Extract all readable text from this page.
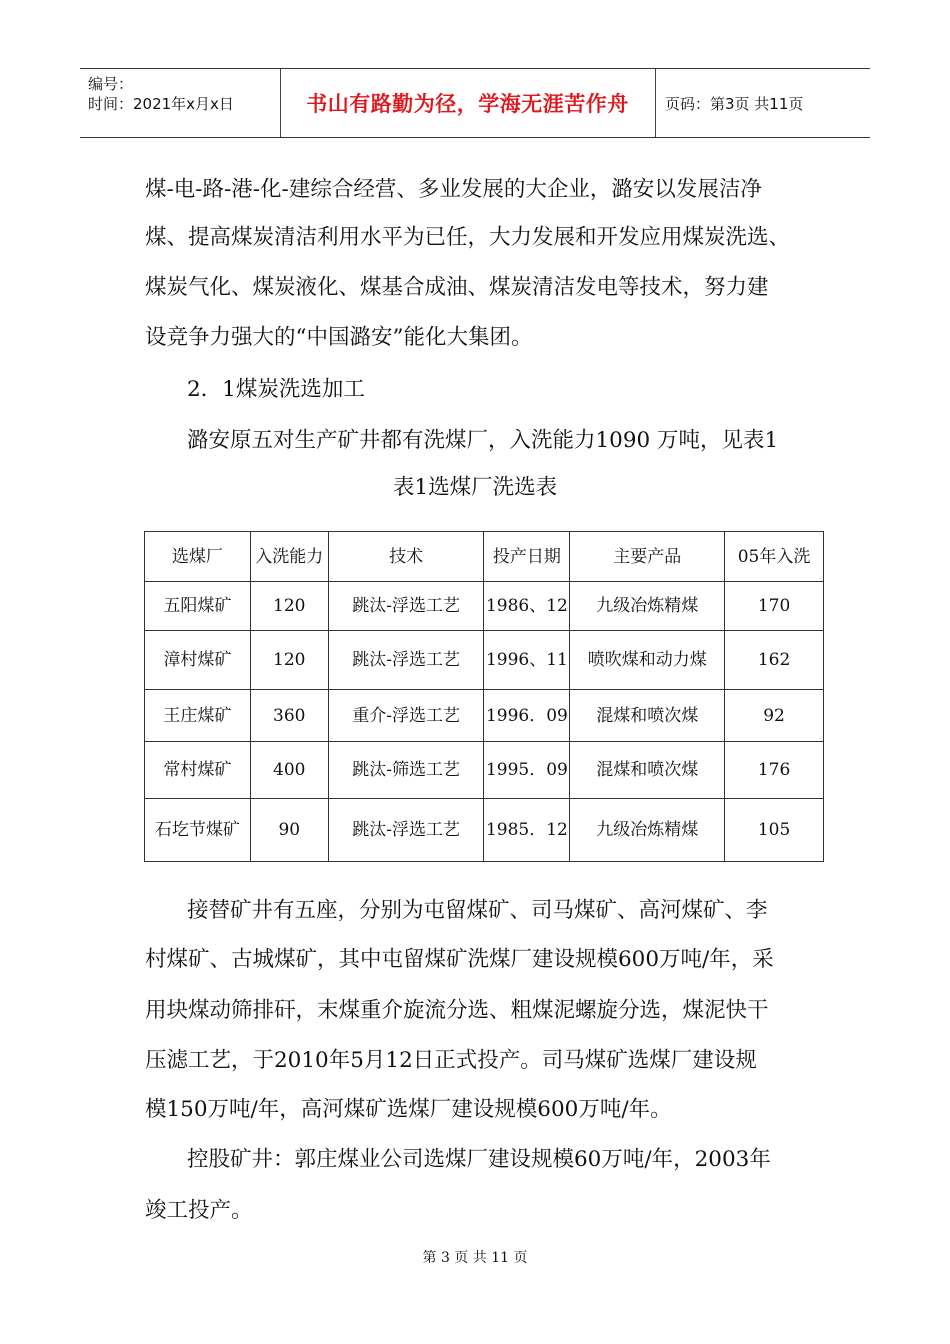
编号：
时间：2021年x月x日	书山有路勤为径，学海无涯苦作舟 页码：第3页 共11页
煤-电-路-港-化-建综合经营、多业发展的大企业，潞安以发展洁净
煤、提高煤炭清洁利用水平为已任，大力发展和开发应用煤炭洗选、
煤炭气化、煤炭液化、煤基合成油、煤炭清洁发电等技术，努力建
设竞争力强大的“中国潞安”能化大集团。
2．1煤炭洗选加工
潞安原五对生产矿井都有洗煤厂，入洗能力1090 万吨，见表1
表1选煤厂洗选表
选煤厂	入洗能力	技术	投产日期	主要产品	05年入洗
五阳煤矿	120	跳汰-浮选工艺	1986、12	九级冶炼精煤	170
漳村煤矿	120	跳汰-浮选工艺	1996、11	喷吹煤和动力煤	162
王庄煤矿	360	重介-浮选工艺	1996．09	混煤和喷次煤	92
常村煤矿	400	跳汰-筛选工艺	1995．09	混煤和喷次煤	176
石圪节煤矿	90	跳汰-浮选工艺	1985．12	九级冶炼精煤	105
接替矿井有五座，分别为屯留煤矿、司马煤矿、高河煤矿、李
村煤矿、古城煤矿，其中屯留煤矿洗煤厂建设规模600万吨/年，采
用块煤动筛排矸，末煤重介旋流分选、粗煤泥螺旋分选，煤泥快干
压滤工艺，于2010年5月12日正式投产。司马煤矿选煤厂建设规
模150万吨/年，高河煤矿选煤厂建设规模600万吨/年。
控股矿井：郭庄煤业公司选煤厂建设规模60万吨/年，2003年
竣工投产。
第 3 页 共 11 页
